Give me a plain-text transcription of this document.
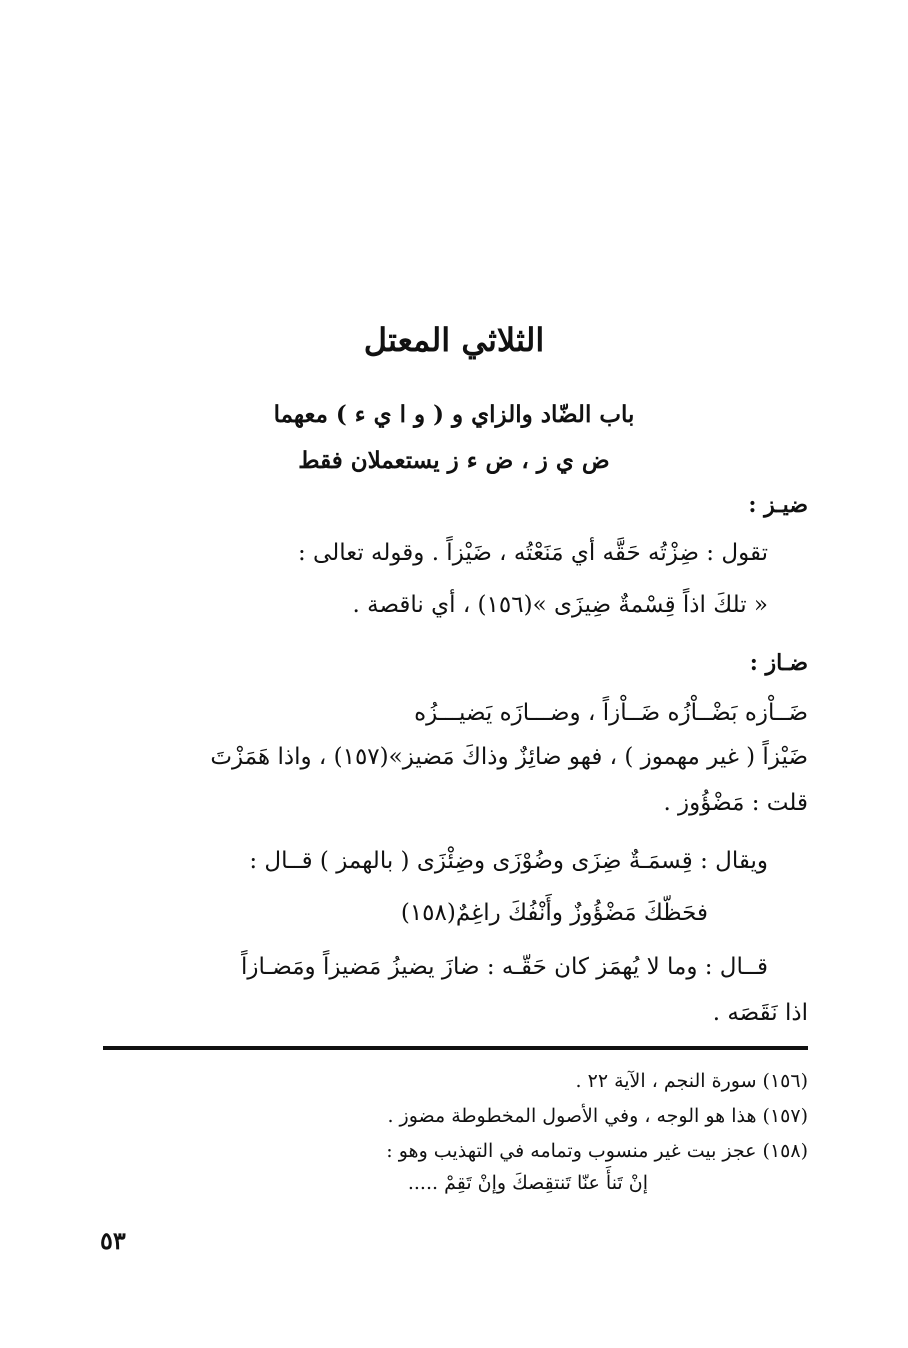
الثلاثي المعتل
باب الضّاد والزاي و ( و ا ي ء ) معهما
ض ي ز ، ض ء ز يستعملان فقط
ضيـز :
تقول : ضِزْتُه حَقَّه أي مَنَعْتُه ، ضَيْزاً . وقوله تعالى :
« تلكَ اذاً قِسْمةٌ ضِيزَى »(١٥٦) ، أي ناقصة .
ضـاز :
ضَــاْزه بَضْــاْزُه ضَــاْزاً ، وضـــازَه يَضيـــزُه
ضَيْزاً ( غير مهموز ) ، فهو ضائِزٌ وذاكَ مَضيز»(١٥٧) ، واذا هَمَزْتَ
قلت : مَضْؤُوز .
ويقال : قِسمَـةٌ ضِزَى وضُوْزَى وضِئْزَى ( بالهمز ) قــال :
فحَظّكَ مَضْؤُوزٌ وأَنْفُكَ راغِمٌ(١٥٨)
قــال : وما لا يُهمَز كان حَقّـه : ضازَ يضيزُ مَضيزاً ومَضـازاً
اذا نَقَصَه .
(١٥٦) سورة النجم ، الآية ٢٢ .
(١٥٧) هذا هو الوجه ، وفي الأصول المخطوطة مضوز .
(١٥٨) عجز بيت غير منسوب وتمامه في التهذيب وهو :
إنْ تَنأَ عنّا تَنتقِصكَ وإنْ تَقِمْ .....
٥٣
